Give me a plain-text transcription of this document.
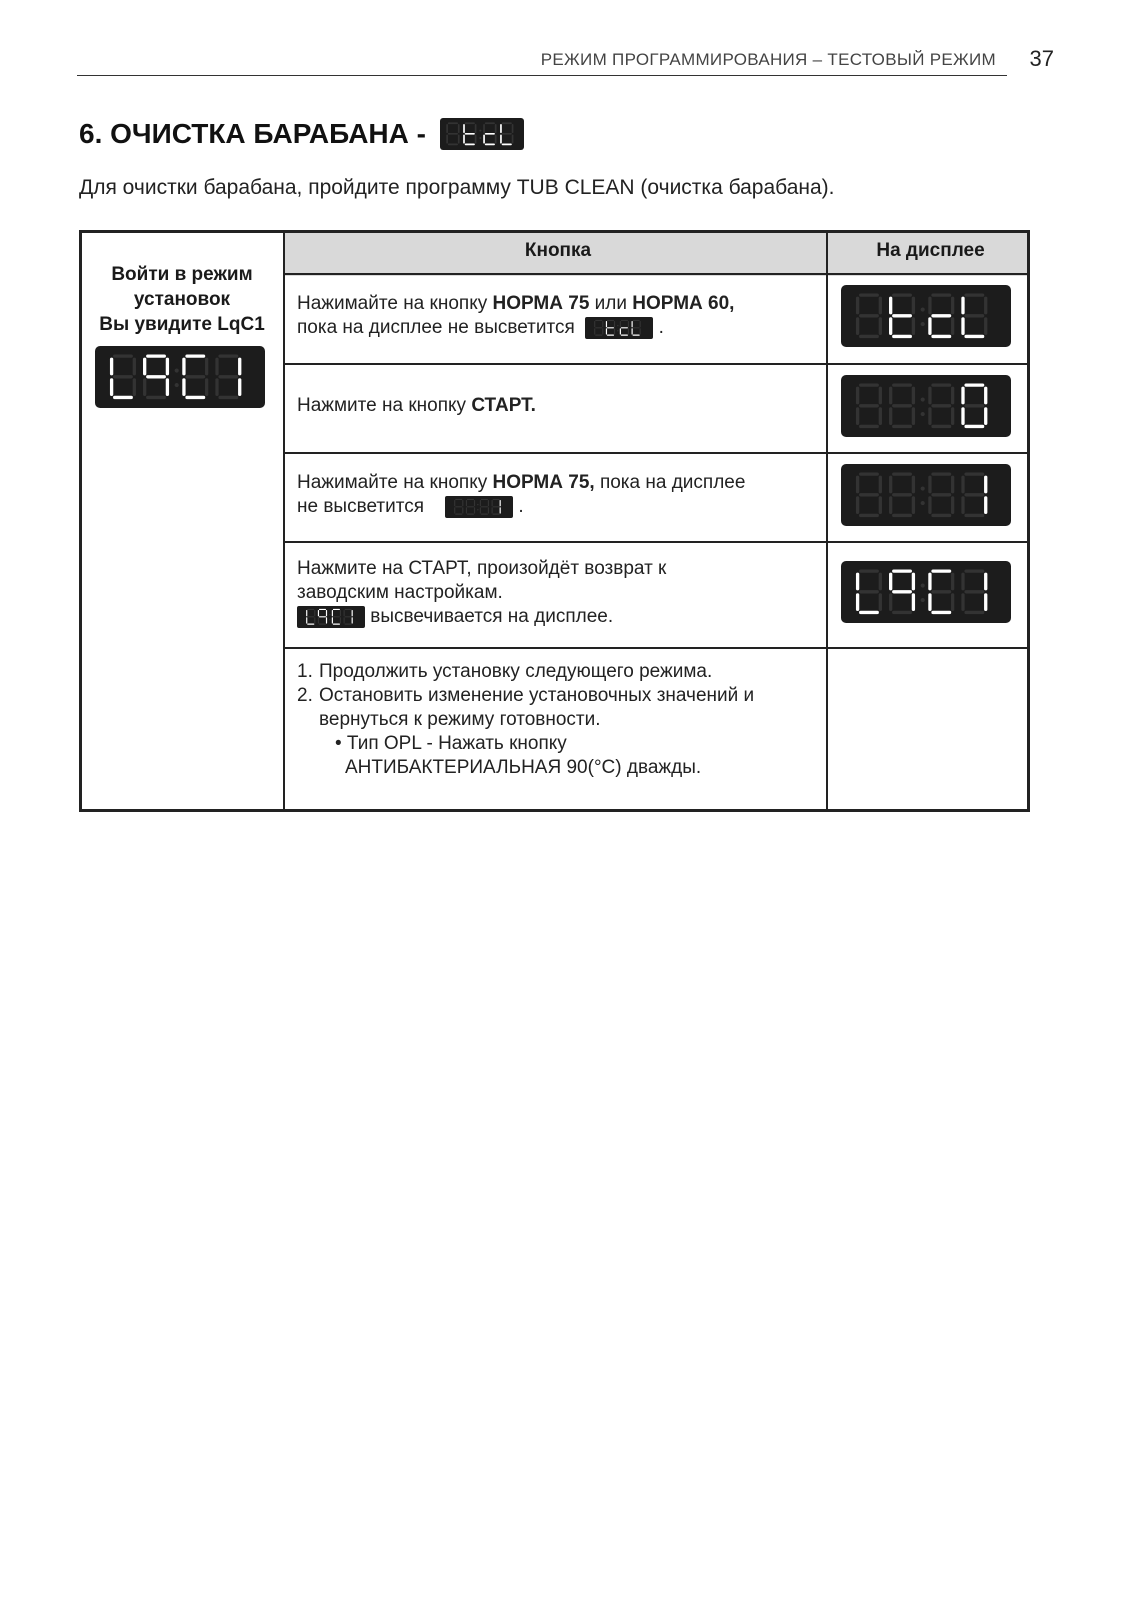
РЕЖИМ ПРОГРАММИРОВАНИЯ – ТЕСТОВЫЙ РЕЖИМ 37
6. ОЧИСТКА БАРАБАНА -
Для очистки барабана, пройдите программу TUB CLEAN (очистка барабана).
Кнопка	На дисплее
Войти в режим
установок
Вы увидите LqC1
Нажимайте на кнопку НОРМА 75 или НОРМА 60,
пока на дисплее не высветится	.
Нажмите на кнопку СТАРТ.
Нажимайте на кнопку НОРМА 75, пока на дисплее
не высветится	.
Нажмите на СТАРТ, произойдёт возврат к
заводским настройкам.
высвечивается на дисплее.
1. Продолжить установку следующего режима.
2. Остановить изменение установочных значений и
вернуться к режиму готовности.
• Тип OPL - Нажать кнопку
АНТИБАКТЕРИАЛЬНАЯ 90(°C) дважды.
